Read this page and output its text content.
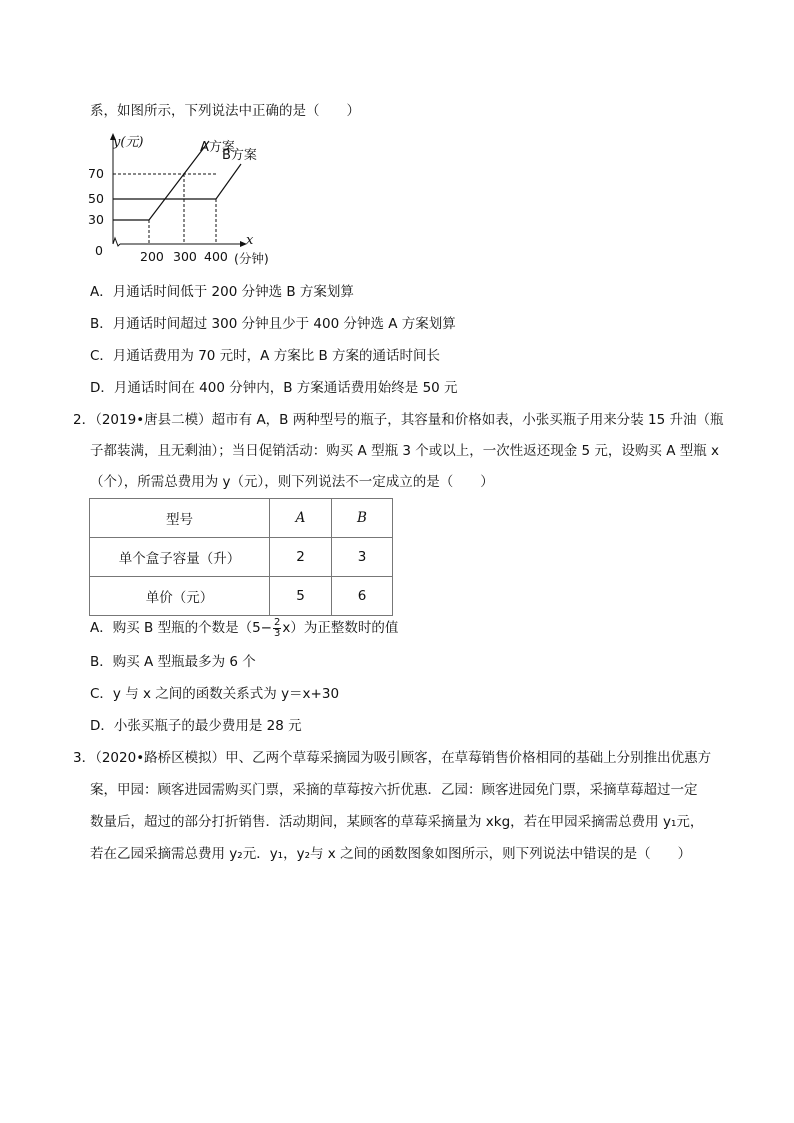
系，如图所示，下列说法中正确的是（　　）
y(元)	A方案
B方案
70
50
30
0
x
200 300 400 (分钟)
A．月通话时间低于 200 分钟选 B 方案划算
B．月通话时间超过 300 分钟且少于 400 分钟选 A 方案划算
C．月通话费用为 70 元时，A 方案比 B 方案的通话时间长
D．月通话时间在 400 分钟内，B 方案通话费用始终是 50 元
2．（2019•唐县二模）超市有 A，B 两种型号的瓶子，其容量和价格如表，小张买瓶子用来分装 15 升油（瓶
子都装满，且无剩油）；当日促销活动：购买 A 型瓶 3 个或以上，一次性返还现金 5 元，设购买 A 型瓶 x
（个），所需总费用为 y（元），则下列说法不一定成立的是（　　）
型号	A	B
单个盒子容量（升）	2	3
单价（元）	5	6
A．购买 B 型瓶的个数是$(5- \frac{2}{3} x)$为正整数时的值
B．购买 A 型瓶最多为 6 个
C．y 与 x 之间的函数关系式为 y＝x+30
D．小张买瓶子的最少费用是 28 元
3．（2020•路桥区模拟）甲、乙两个草莓采摘园为吸引顾客，在草莓销售价格相同的基础上分别推出优惠方
案，甲园：顾客进园需购买门票，采摘的草莓按六折优惠．乙园：顾客进园免门票，采摘草莓超过一定
数量后，超过的部分打折销售．活动期间，某顾客的草莓采摘量为 xkg，若在甲园采摘需总费用 y₁元，
若在乙园采摘需总费用 y₂元．y₁，y₂与 x 之间的函数图象如图所示，则下列说法中错误的是（　　）
